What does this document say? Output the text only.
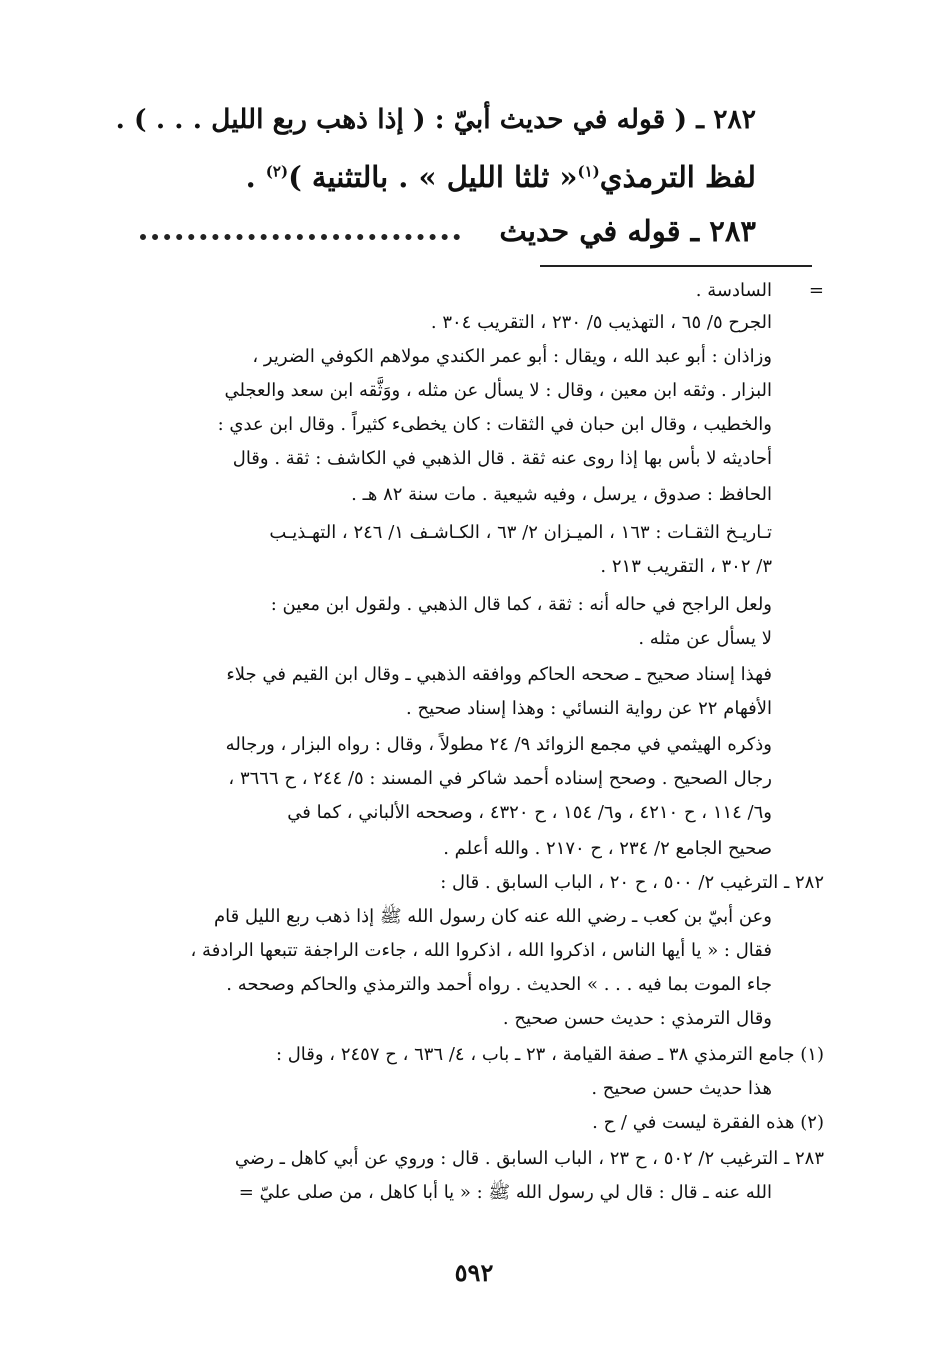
٢٨٢ ـ ( قوله في حديث أبيّ : ( إذا ذهب ربع الليل . . . ) .
لفظ الترمذي$^{(١)}$« ثلثا الليل » . بالتثنية )$^{(٢)}$ .
٢٨٣ ـ قوله في حديث
=
السادسة .
الجرح ٥/ ٦٥ ، التهذيب ٥/ ٢٣٠ ، التقريب ٣٠٤ .
وزاذان : أبو عبد الله ، ويقال : أبو عمر الكندي مولاهم الكوفي الضرير ،
البزار . وثقه ابن معين ، وقال : لا يسأل عن مثله ، ووَثَّقه ابن سعد والعجلي
والخطيب ، وقال ابن حبان في الثقات : كان يخطىء كثيراً . وقال ابن عدي :
أحاديثه لا بأس بها إذا روى عنه ثقة . قال الذهبي في الكاشف : ثقة . وقال
الحافظ : صدوق ، يرسل ، وفيه شيعية . مات سنة ٨٢ هـ .
تـاريـخ الثقـات : ١٦٣ ، الميـزان ٢/ ٦٣ ، الكـاشـف ١/ ٢٤٦ ، التهـذيـب
٣/ ٣٠٢ ، التقريب ٢١٣ .
ولعل الراجح في حاله أنه : ثقة ، كما قال الذهبي . ولقول ابن معين :
لا يسأل عن مثله .
فهذا إسناد صحيح ـ صححه الحاكم ووافقه الذهبي ـ وقال ابن القيم في جلاء
الأفهام ٢٢ عن رواية النسائي : وهذا إسناد صحيح .
وذكره الهيثمي في مجمع الزوائد ٩/ ٢٤ مطولاً ، وقال : رواه البزار ، ورجاله
رجال الصحيح . وصحح إسناده أحمد شاكر في المسند : ٥/ ٢٤٤ ، ح ٣٦٦٦ ،
و٦/ ١١٤ ، ح ٤٢١٠ ، و٦/ ١٥٤ ، ح ٤٣٢٠ ، وصححه الألباني ، كما في
صحيح الجامع ٢/ ٢٣٤ ، ح ٢١٧٠ . والله أعلم .
٢٨٢ ـ الترغيب ٢/ ٥٠٠ ، ح ٢٠ ، الباب السابق . قال :
وعن أبيّ بن كعب ـ رضي الله عنه كان رسول الله ﷺ إذا ذهب ربع الليل قام
فقال : « يا أيها الناس ، اذكروا الله ، اذكروا الله ، جاءت الراجفة تتبعها الرادفة ،
جاء الموت بما فيه . . . » الحديث . رواه أحمد والترمذي والحاكم وصححه .
وقال الترمذي : حديث حسن صحيح .
(١) جامع الترمذي ٣٨ ـ صفة القيامة ، ٢٣ ـ باب ، ٤/ ٦٣٦ ، ح ٢٤٥٧ ، وقال :
هذا حديث حسن صحيح .
(٢) هذه الفقرة ليست في / ح .
٢٨٣ ـ الترغيب ٢/ ٥٠٢ ، ح ٢٣ ، الباب السابق . قال : وروي عن أبي كاهل ـ رضي
الله عنه ـ قال : قال لي رسول الله ﷺ : « يا أبا كاهل ، من صلى عليّ =
٥٩٢
